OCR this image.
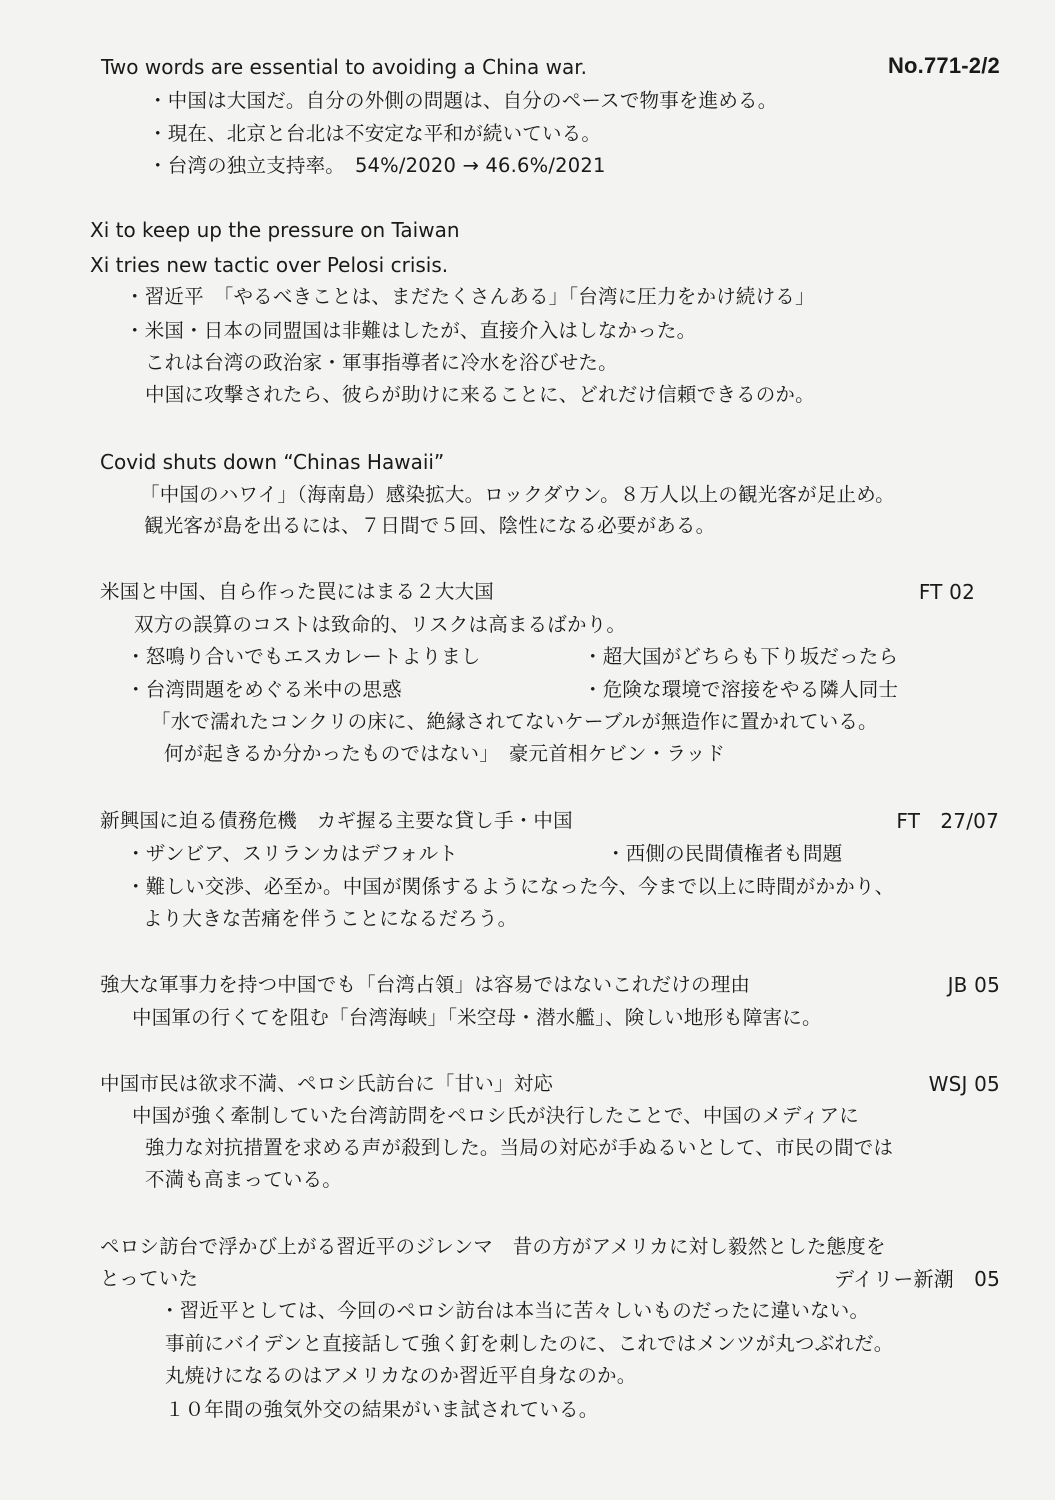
Two words are essential to avoiding a China war.	No.771-2/2
・中国は大国だ。自分の外側の問題は、自分のペースで物事を進める。
・現在、北京と台北は不安定な平和が続いている。
・台湾の独立支持率。　54%/2020 → 46.6%/2021
Xi to keep up the pressure on Taiwan
Xi tries new tactic over Pelosi crisis.
・習近平　「やるべきことは、まだたくさんある」「台湾に圧力をかけ続ける」
・米国・日本の同盟国は非難はしたが、直接介入はしなかった。
これは台湾の政治家・軍事指導者に冷水を浴びせた。
中国に攻撃されたら、彼らが助けに来ることに、どれだけ信頼できるのか。
Covid shuts down “Chinas Hawaii”
「中国のハワイ」（海南島）感染拡大。ロックダウン。８万人以上の観光客が足止め。
観光客が島を出るには、７日間で５回、陰性になる必要がある。
米国と中国、自ら作った罠にはまる２大大国	FT 02
双方の誤算のコストは致命的、リスクは高まるばかり。
・怒鳴り合いでもエスカレートよりまし	・超大国がどちらも下り坂だったら
・台湾問題をめぐる米中の思惑	・危険な環境で溶接をやる隣人同士
「水で濡れたコンクリの床に、絶縁されてないケーブルが無造作に置かれている。
何が起きるか分かったものではない」　豪元首相ケビン・ラッド
新興国に迫る債務危機　カギ握る主要な貸し手・中国	FT　27/07
・ザンビア、スリランカはデフォルト	・西側の民間債権者も問題
・難しい交渉、必至か。中国が関係するようになった今、今まで以上に時間がかかり、
より大きな苦痛を伴うことになるだろう。
強大な軍事力を持つ中国でも「台湾占領」は容易ではないこれだけの理由	JB 05
中国軍の行くてを阻む「台湾海峡」「米空母・潜水艦」、険しい地形も障害に。
中国市民は欲求不満、ペロシ氏訪台に「甘い」対応	WSJ 05
中国が強く牽制していた台湾訪問をペロシ氏が決行したことで、中国のメディアに
強力な対抗措置を求める声が殺到した。当局の対応が手ぬるいとして、市民の間では
不満も高まっている。
ペロシ訪台で浮かび上がる習近平のジレンマ　昔の方がアメリカに対し毅然とした態度を
とっていた	デイリー新潮　05
・習近平としては、今回のペロシ訪台は本当に苦々しいものだったに違いない。
事前にバイデンと直接話して強く釘を刺したのに、これではメンツが丸つぶれだ。
丸焼けになるのはアメリカなのか習近平自身なのか。
１０年間の強気外交の結果がいま試されている。
